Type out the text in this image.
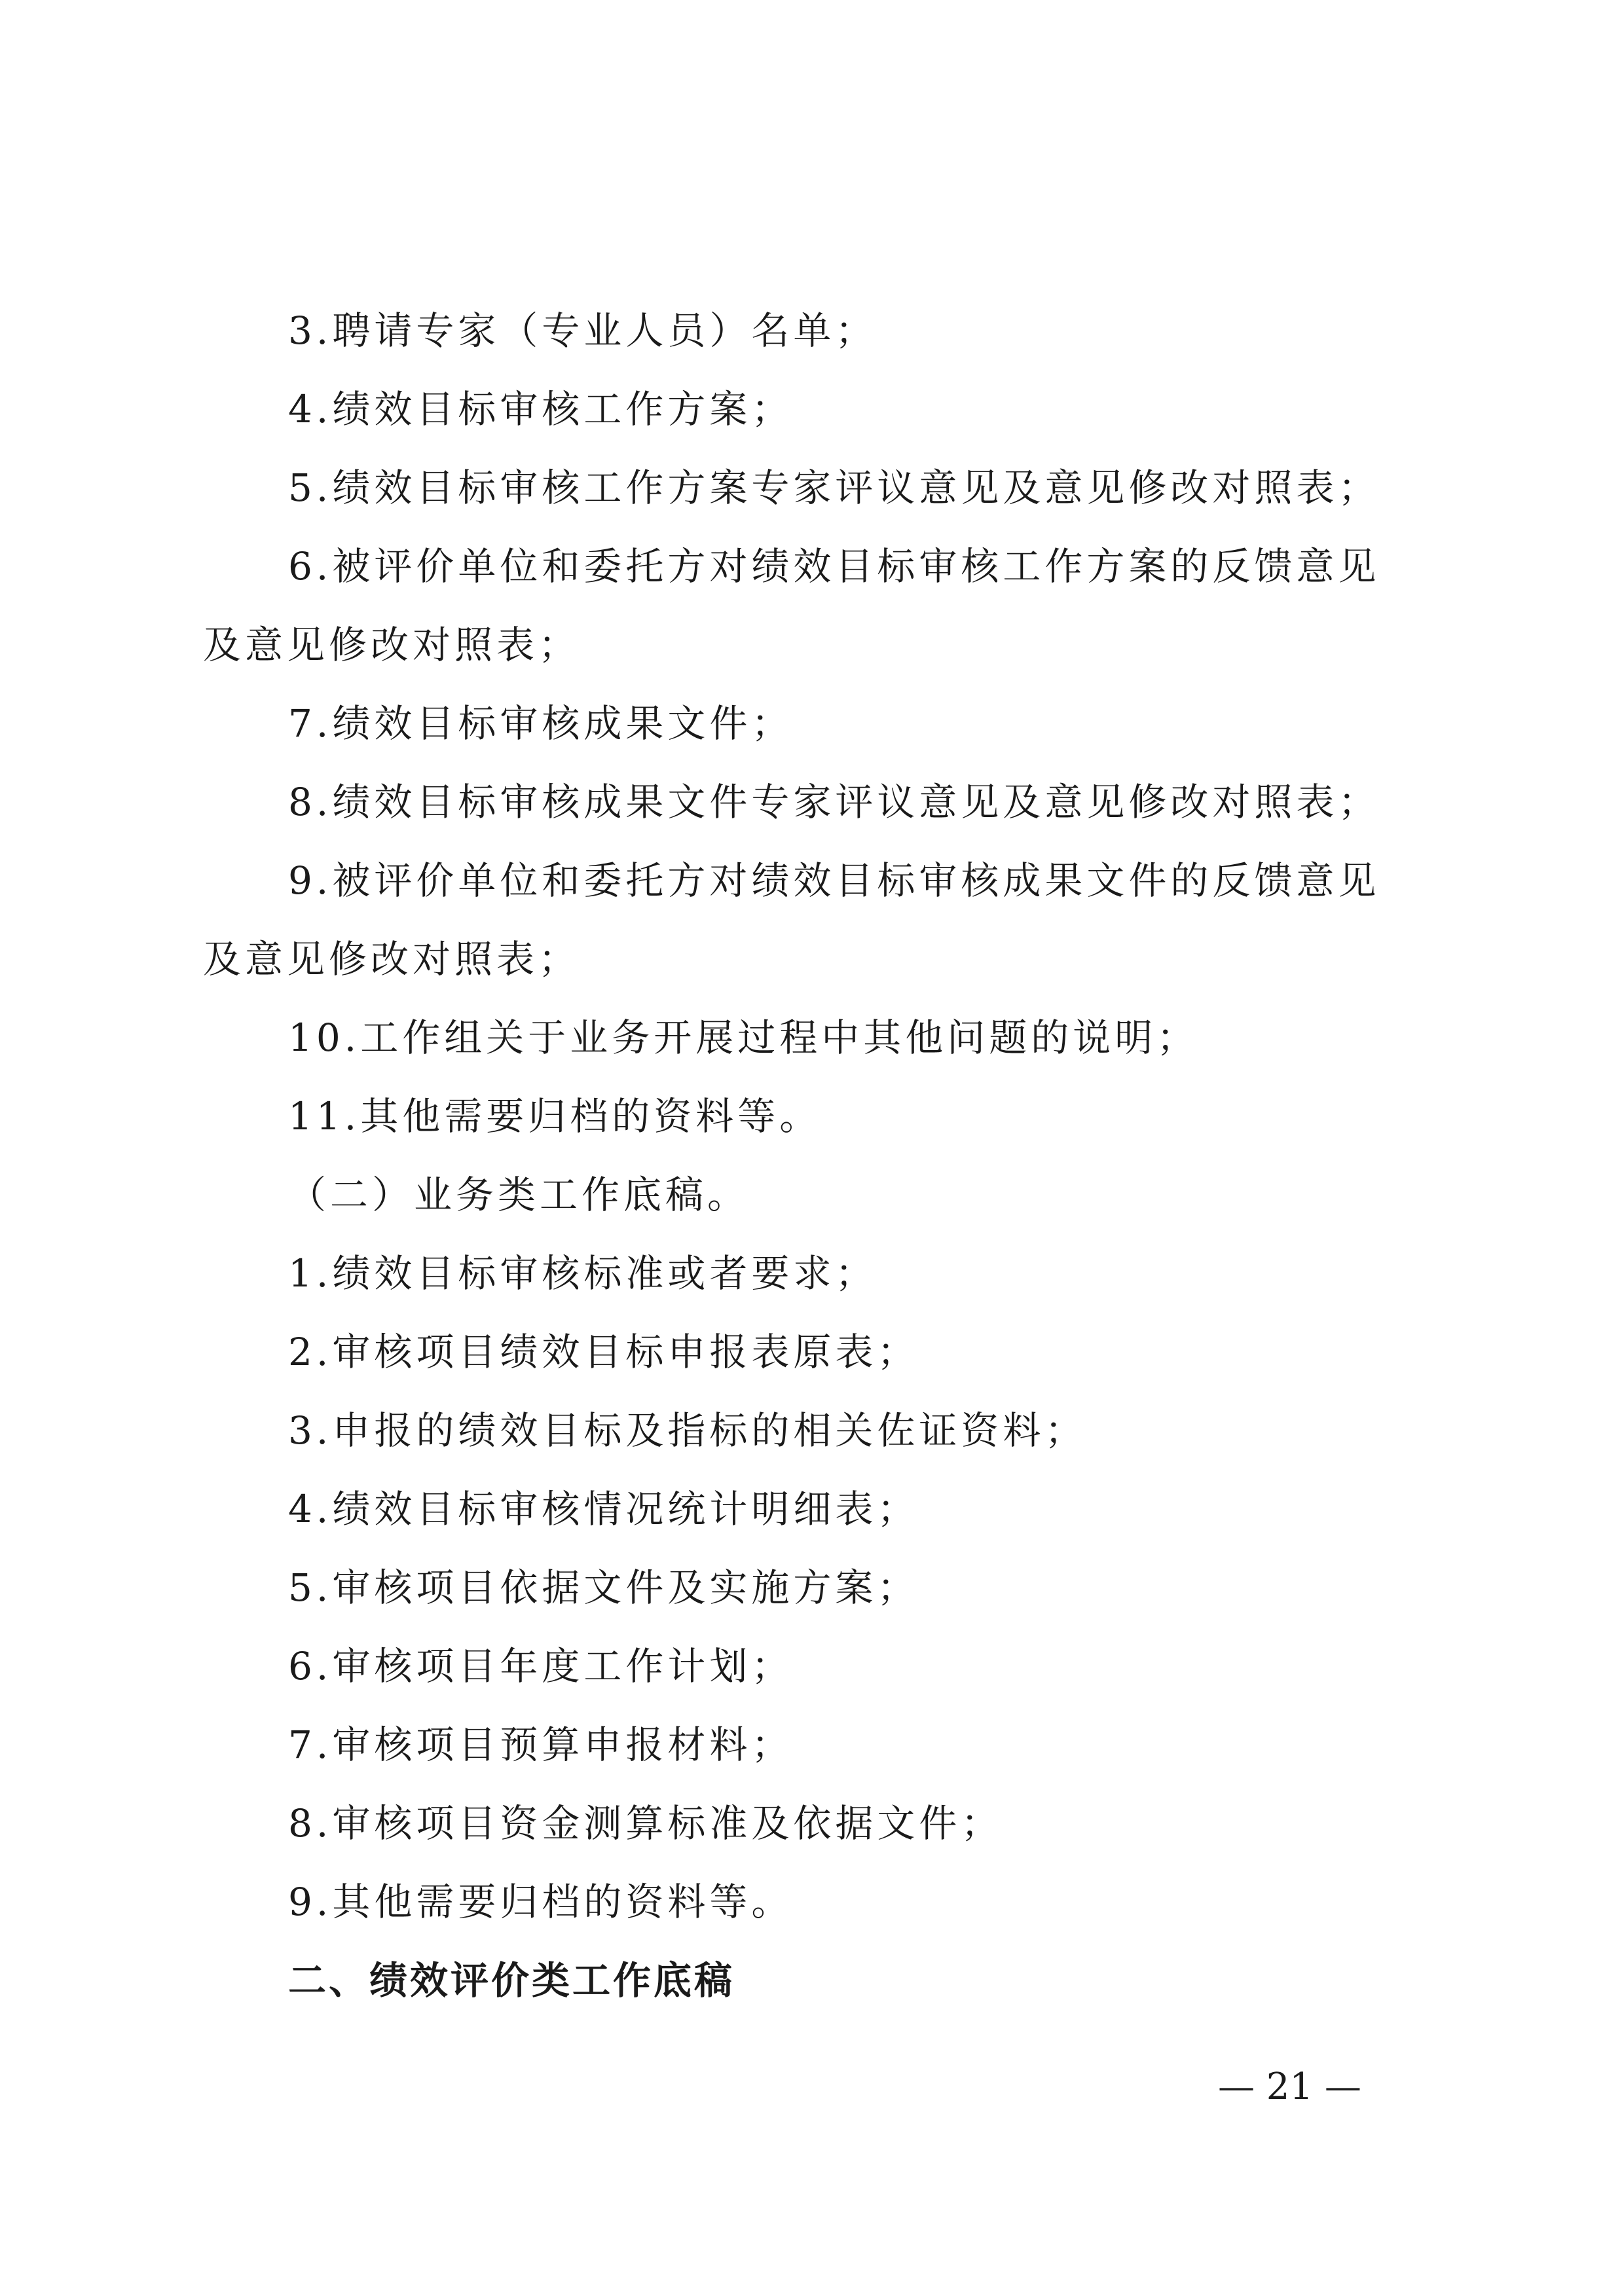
3.聘请专家（专业人员）名单；
4.绩效目标审核工作方案；
5.绩效目标审核工作方案专家评议意见及意见修改对照表；
6.被评价单位和委托方对绩效目标审核工作方案的反馈意见
及意见修改对照表；
7.绩效目标审核成果文件；
8.绩效目标审核成果文件专家评议意见及意见修改对照表；
9.被评价单位和委托方对绩效目标审核成果文件的反馈意见
及意见修改对照表；
10.工作组关于业务开展过程中其他问题的说明；
11.其他需要归档的资料等。
（二）业务类工作底稿。
1.绩效目标审核标准或者要求；
2.审核项目绩效目标申报表原表；
3.申报的绩效目标及指标的相关佐证资料；
4.绩效目标审核情况统计明细表；
5.审核项目依据文件及实施方案；
6.审核项目年度工作计划；
7.审核项目预算申报材料；
8.审核项目资金测算标准及依据文件；
9.其他需要归档的资料等。
二、绩效评价类工作底稿
— 21 —
